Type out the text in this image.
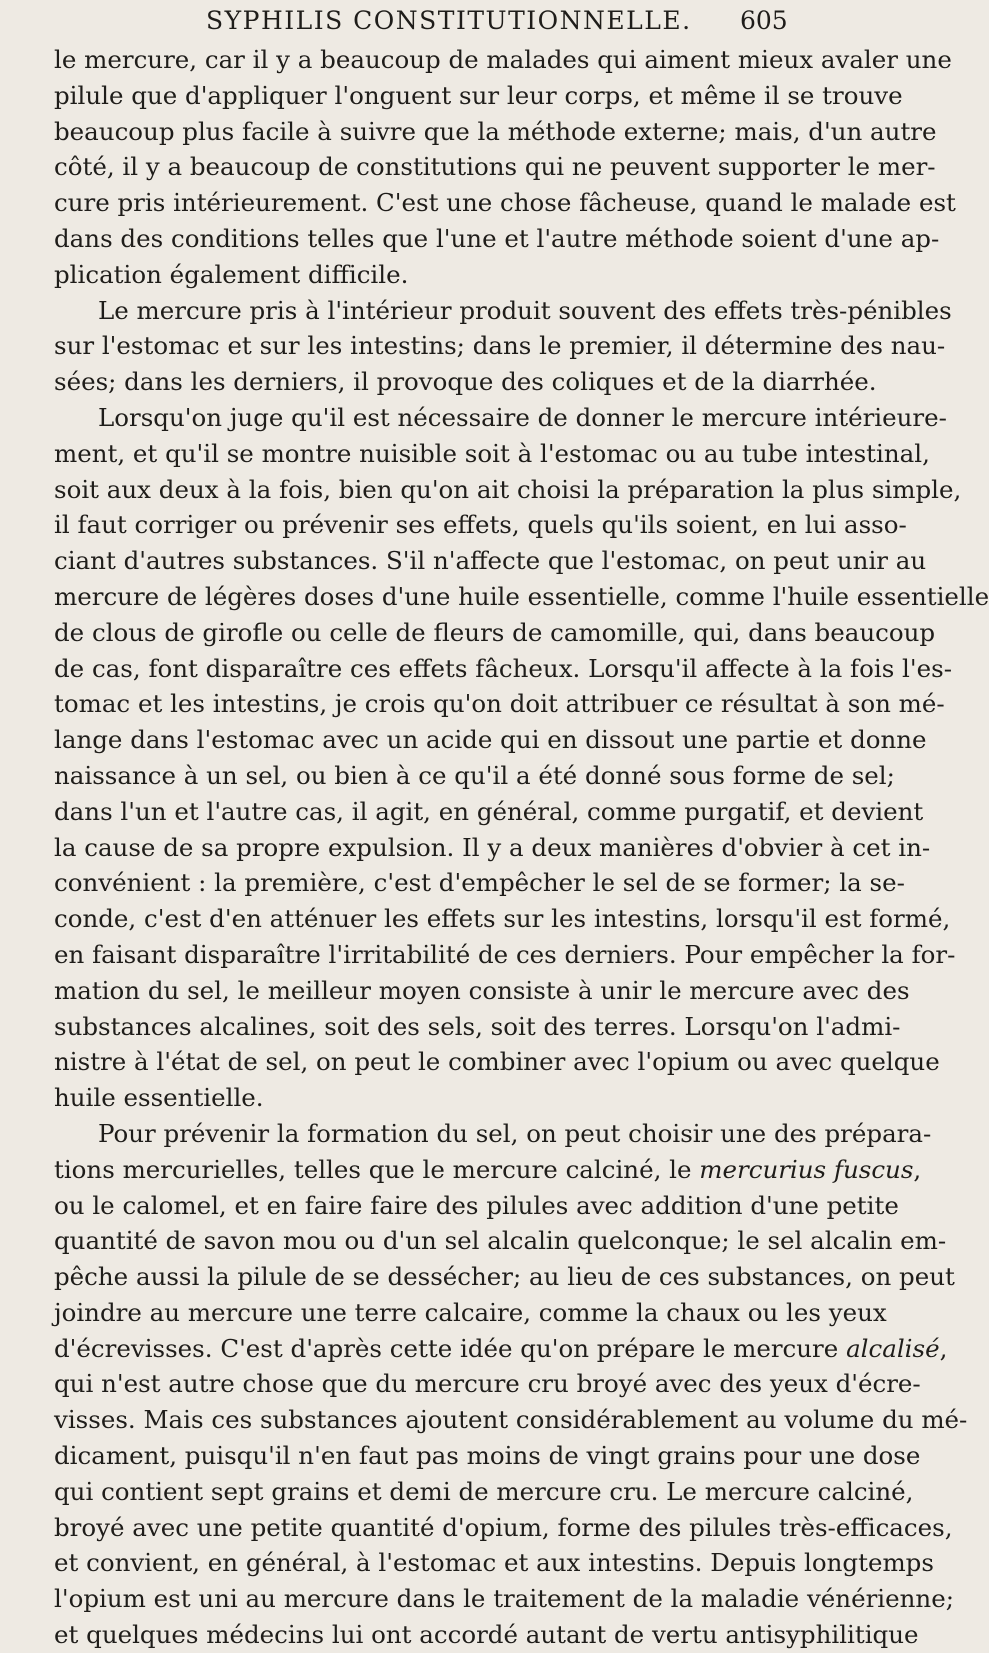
SYPHILIS CONSTITUTIONNELLE. 605
le mercure, car il y a beaucoup de malades qui aiment mieux avaler une
pilule que d'appliquer l'onguent sur leur corps, et même il se trouve
beaucoup plus facile à suivre que la méthode externe; mais, d'un autre
côté, il y a beaucoup de constitutions qui ne peuvent supporter le mer-
cure pris intérieurement. C'est une chose fâcheuse, quand le malade est
dans des conditions telles que l'une et l'autre méthode soient d'une ap-
plication également difficile.
Le mercure pris à l'intérieur produit souvent des effets très-pénibles
sur l'estomac et sur les intestins; dans le premier, il détermine des nau-
sées; dans les derniers, il provoque des coliques et de la diarrhée.
Lorsqu'on juge qu'il est nécessaire de donner le mercure intérieure-
ment, et qu'il se montre nuisible soit à l'estomac ou au tube intestinal,
soit aux deux à la fois, bien qu'on ait choisi la préparation la plus simple,
il faut corriger ou prévenir ses effets, quels qu'ils soient, en lui asso-
ciant d'autres substances. S'il n'affecte que l'estomac, on peut unir au
mercure de légères doses d'une huile essentielle, comme l'huile essentielle
de clous de girofle ou celle de fleurs de camomille, qui, dans beaucoup
de cas, font disparaître ces effets fâcheux. Lorsqu'il affecte à la fois l'es-
tomac et les intestins, je crois qu'on doit attribuer ce résultat à son mé-
lange dans l'estomac avec un acide qui en dissout une partie et donne
naissance à un sel, ou bien à ce qu'il a été donné sous forme de sel;
dans l'un et l'autre cas, il agit, en général, comme purgatif, et devient
la cause de sa propre expulsion. Il y a deux manières d'obvier à cet in-
convénient : la première, c'est d'empêcher le sel de se former; la se-
conde, c'est d'en atténuer les effets sur les intestins, lorsqu'il est formé,
en faisant disparaître l'irritabilité de ces derniers. Pour empêcher la for-
mation du sel, le meilleur moyen consiste à unir le mercure avec des
substances alcalines, soit des sels, soit des terres. Lorsqu'on l'admi-
nistre à l'état de sel, on peut le combiner avec l'opium ou avec quelque
huile essentielle.
Pour prévenir la formation du sel, on peut choisir une des prépara-
tions mercurielles, telles que le mercure calciné, le mercurius fuscus,
ou le calomel, et en faire faire des pilules avec addition d'une petite
quantité de savon mou ou d'un sel alcalin quelconque; le sel alcalin em-
pêche aussi la pilule de se dessécher; au lieu de ces substances, on peut
joindre au mercure une terre calcaire, comme la chaux ou les yeux
d'écrevisses. C'est d'après cette idée qu'on prépare le mercure alcalisé,
qui n'est autre chose que du mercure cru broyé avec des yeux d'écre-
visses. Mais ces substances ajoutent considérablement au volume du mé-
dicament, puisqu'il n'en faut pas moins de vingt grains pour une dose
qui contient sept grains et demi de mercure cru. Le mercure calciné,
broyé avec une petite quantité d'opium, forme des pilules très-efficaces,
et convient, en général, à l'estomac et aux intestins. Depuis longtemps
l'opium est uni au mercure dans le traitement de la maladie vénérienne;
et quelques médecins lui ont accordé autant de vertu antisyphilitique
